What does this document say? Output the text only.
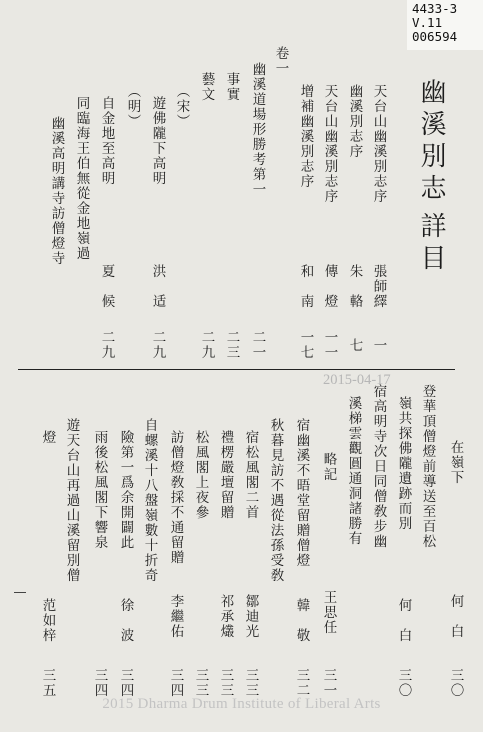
4433-3
V.11
006594
幽溪別志
詳目
天台山幽溪別志序
張師繹
一
幽溪別志序
朱　輅
七
天台山幽溪別志序
傳　燈
一一
增補幽溪別志序
和　南
一七
卷一
幽溪道場形勝考第一
二一
事實
二三
藝文
二九
（宋）
遊佛隴下高明
洪　适
二九
（明）
自金地至高明
夏　候
二九
同臨海王伯無從金地嶺過
幽溪高明講寺訪僧燈寺
2015-04-17
在嶺下
何　白
三〇
登華頂僧燈前導送至百松
嶺共探佛隴遺跡而別
何　白
三〇
宿高明寺次日同僧敎步幽
溪梯雲觀圓通洞諸勝有
略記
王思任
三一
宿幽溪不晤堂留贈僧燈
韓　敬
三二
秋暮見訪不遇從法孫受敎
宿松風閣二首
鄒迪光
三三
禮楞嚴壇留贈
祁承爜
三三
松風閣上夜參
三三
訪僧燈敎採不通留贈
李繼佑
三四
自螺溪十八盤嶺數十折奇
險第一爲余開闢此
徐　波
三四
雨後松風閣下響泉
三四
遊天台山再過山溪留別僧
燈
范如梓
三五
2015 Dharma Drum Institute of Liberal Arts
